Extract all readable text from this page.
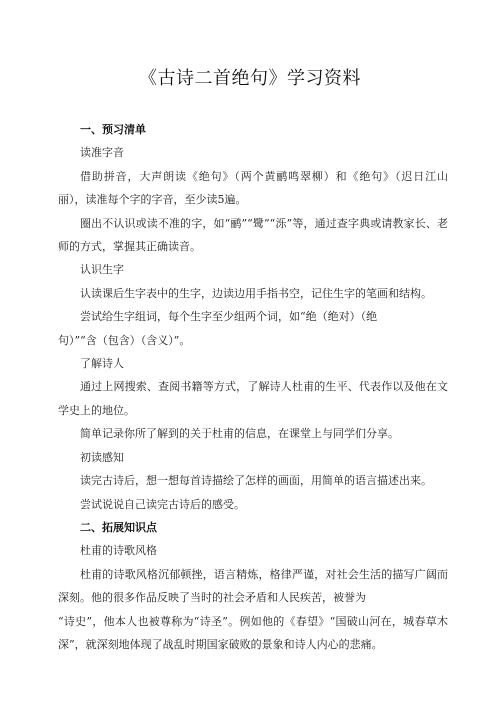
《古诗二首绝句》学习资料
一、预习清单
读准字音
借助拼音，大声朗读《绝句》（两个黄鹂鸣翠柳）和《绝句》（迟日江山丽），读准每个字的字音，至少读5遍。
圈出不认识或读不准的字，如“鹂”“鹭”“泺”等，通过查字典或请教家长、老师的方式，掌握其正确读音。
认识生字
认读课后生字表中的生字，边读边用手指书空，记住生字的笔画和结构。
尝试给生字组词，每个生字至少组两个词，如“绝（绝对）（绝
句）”“含（包含）（含义）”。
了解诗人
通过上网搜索、查阅书籍等方式，了解诗人杜甫的生平、代表作以及他在文学史上的地位。
简单记录你所了解到的关于杜甫的信息，在课堂上与同学们分享。
初读感知
读完古诗后，想一想每首诗描绘了怎样的画面，用简单的语言描述出来。
尝试说说自己读完古诗后的感受。
二、拓展知识点
杜甫的诗歌风格
杜甫的诗歌风格沉郁顿挫，语言精炼，格律严谨，对社会生活的描写广阔而深刻。他的很多作品反映了当时的社会矛盾和人民疾苦，被誉为
“诗史”，他本人也被尊称为“诗圣”。例如他的《春望》“国破山河在，城春草木深”，就深刻地体现了战乱时期国家破败的景象和诗人内心的悲痛。
